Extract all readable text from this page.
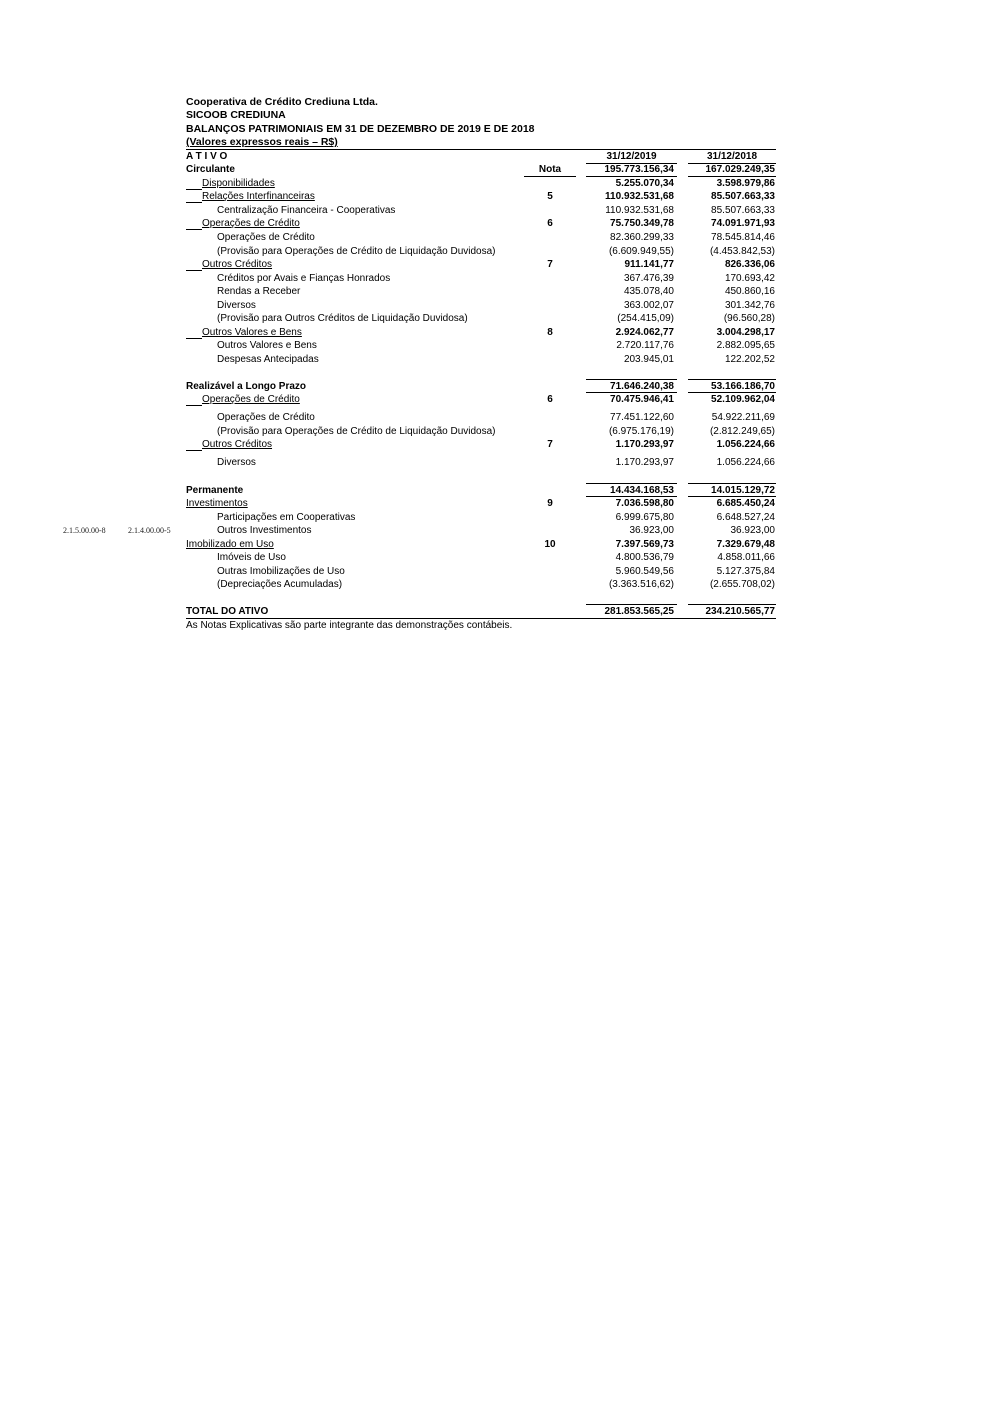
Cooperativa de Crédito Crediuna Ltda.
SICOOB CREDIUNA
BALANÇOS PATRIMONIAIS EM 31 DE DEZEMBRO DE 2019 E DE 2018
(Valores expressos reais – R$)
A T I V O	31/12/2019	31/12/2018
Circulante	Nota	195.773.156,34	167.029.249,35
Disponibilidades	5.255.070,34	3.598.979,86
Relações Interfinanceiras	5	110.932.531,68	85.507.663,33
Centralização Financeira - Cooperativas	110.932.531,68	85.507.663,33
Operações de Crédito	6	75.750.349,78	74.091.971,93
Operações de Crédito	82.360.299,33	78.545.814,46
(Provisão para Operações de Crédito de Liquidação Duvidosa)	(6.609.949,55)	(4.453.842,53)
Outros Créditos	7	911.141,77	826.336,06
Créditos por Avais e Fianças Honrados	367.476,39	170.693,42
Rendas a Receber	435.078,40	450.860,16
Diversos	363.002,07	301.342,76
(Provisão para Outros Créditos de Liquidação Duvidosa)	(254.415,09)	(96.560,28)
Outros Valores e Bens	8	2.924.062,77	3.004.298,17
Outros Valores e Bens	2.720.117,76	2.882.095,65
Despesas Antecipadas	203.945,01	122.202,52
Realizável a Longo Prazo	71.646.240,38	53.166.186,70
Operações de Crédito	6	70.475.946,41	52.109.962,04
Operações de Crédito	77.451.122,60	54.922.211,69
(Provisão para Operações de Crédito de Liquidação Duvidosa)	(6.975.176,19)	(2.812.249,65)
Outros Créditos	7	1.170.293,97	1.056.224,66
Diversos	1.170.293,97	1.056.224,66
Permanente	14.434.168,53	14.015.129,72
Investimentos	9	7.036.598,80	6.685.450,24
Participações em Cooperativas	6.999.675,80	6.648.527,24
2.1.5.00.00-8	2.1.4.00.00-5	Outros Investimentos	36.923,00	36.923,00
Imobilizado em Uso	10	7.397.569,73	7.329.679,48
Imóveis de Uso	4.800.536,79	4.858.011,66
Outras Imobilizações de Uso	5.960.549,56	5.127.375,84
(Depreciações Acumuladas)	(3.363.516,62)	(2.655.708,02)
TOTAL DO ATIVO	281.853.565,25	234.210.565,77
As Notas Explicativas são parte integrante das demonstrações contábeis.
